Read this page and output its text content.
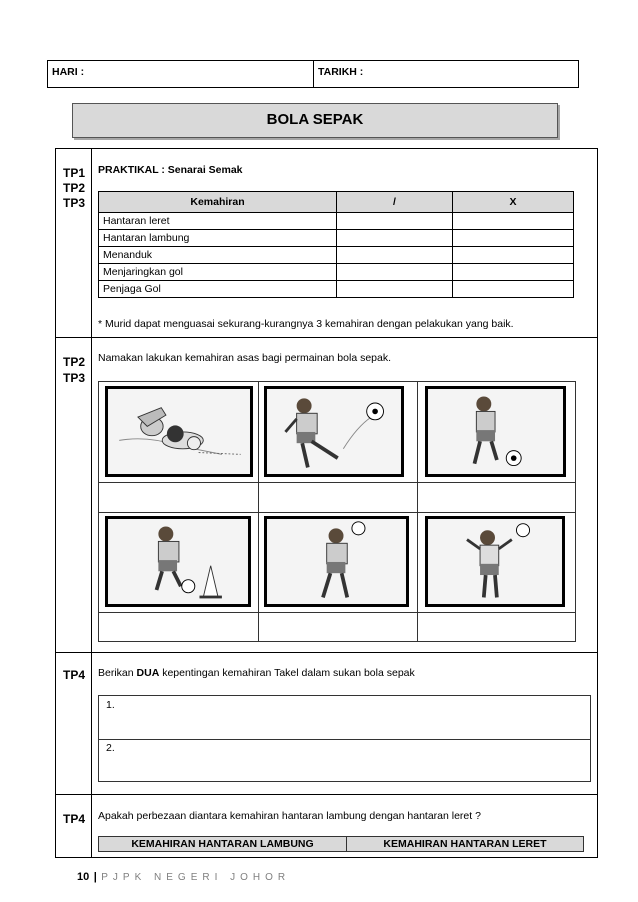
HARI :	TARIKH :
BOLA SEPAK
TP1
TP2
TP3
PRAKTIKAL : Senarai Semak
Kemahiran	/	X
Hantaran leret		
Hantaran lambung		
Menanduk		
Menjaringkan gol		
Penjaga Gol		
* Murid dapat menguasai sekurang-kurangnya 3 kemahiran dengan pelakukan yang baik.
TP2
TP3
Namakan lakukan kemahiran asas bagi permainan bola sepak.
TP4 Berikan DUA kepentingan kemahiran Takel dalam sukan bola sepak
1.
2.
TP4 Apakah perbezaan diantara kemahiran hantaran lambung dengan hantaran leret ?
KEMAHIRAN HANTARAN LAMBUNG	KEMAHIRAN HANTARAN LERET
10 | PJPK NEGERI JOHOR
